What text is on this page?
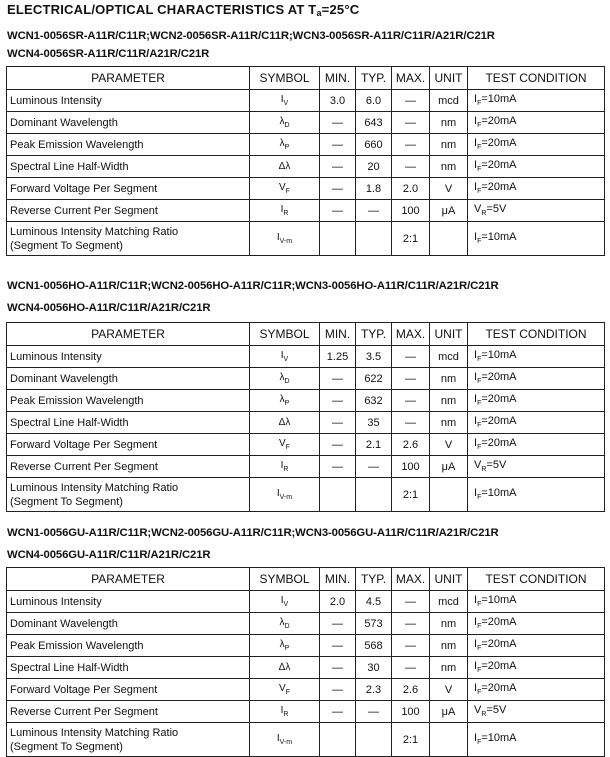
ELECTRICAL/OPTICAL CHARACTERISTICS AT $T_a=25^\circ C$
WCN1-0056SR-A11R/C11R;WCN2-0056SR-A11R/C11R;WCN3-0056SR-A11R/C11R/A21R/C21R
WCN4-0056SR-A11R/C11R/A21R/C21R
PARAMETER	SYMBOL	MIN.	TYP.	MAX.	UNIT	TEST CONDITION
Luminous Intensity	$I_V$	3.0	6.0	—	mcd	$I_F=10mA$
Dominant Wavelength	$\lambda_D$	—	643	—	nm	$I_F=20mA$
Peak Emission Wavelength	$\lambda_P$	—	660	—	nm	$I_F=20mA$
Spectral Line Half-Width	Δλ	—	20	—	nm	$I_F=20mA$
Forward Voltage Per Segment	$V_F$	—	1.8	2.0	V	$I_F=20mA$
Reverse Current Per Segment	$I_R$	—	—	100	μA	$V_R=5V$
Luminous Intensity Matching Ratio
(Segment To Segment)	$I_{V-m}$			2:1		$I_F=10mA$
WCN1-0056HO-A11R/C11R;WCN2-0056HO-A11R/C11R;WCN3-0056HO-A11R/C11R/A21R/C21R
WCN4-0056HO-A11R/C11R/A21R/C21R
PARAMETER	SYMBOL	MIN.	TYP.	MAX.	UNIT	TEST CONDITION
Luminous Intensity	$I_V$	1.25	3.5	—	mcd	$I_F=10mA$
Dominant Wavelength	$\lambda_D$	—	622	—	nm	$I_F=20mA$
Peak Emission Wavelength	$\lambda_P$	—	632	—	nm	$I_F=20mA$
Spectral Line Half-Width	Δλ	—	35	—	nm	$I_F=20mA$
Forward Voltage Per Segment	$V_F$	—	2.1	2.6	V	$I_F=20mA$
Reverse Current Per Segment	$I_R$	—	—	100	μA	$V_R=5V$
Luminous Intensity Matching Ratio
(Segment To Segment)	$I_{V-m}$			2:1		$I_F=10mA$
WCN1-0056GU-A11R/C11R;WCN2-0056GU-A11R/C11R;WCN3-0056GU-A11R/C11R/A21R/C21R
WCN4-0056GU-A11R/C11R/A21R/C21R
PARAMETER	SYMBOL	MIN.	TYP.	MAX.	UNIT	TEST CONDITION
Luminous Intensity	$I_V$	2.0	4.5	—	mcd	$I_F=10mA$
Dominant Wavelength	$\lambda_D$	—	573	—	nm	$I_F=20mA$
Peak Emission Wavelength	$\lambda_P$	—	568	—	nm	$I_F=20mA$
Spectral Line Half-Width	Δλ	—	30	—	nm	$I_F=20mA$
Forward Voltage Per Segment	$V_F$	—	2.3	2.6	V	$I_F=20mA$
Reverse Current Per Segment	$I_R$	—	—	100	μA	$V_R=5V$
Luminous Intensity Matching Ratio
(Segment To Segment)	$I_{V-m}$			2:1		$I_F=10mA$
